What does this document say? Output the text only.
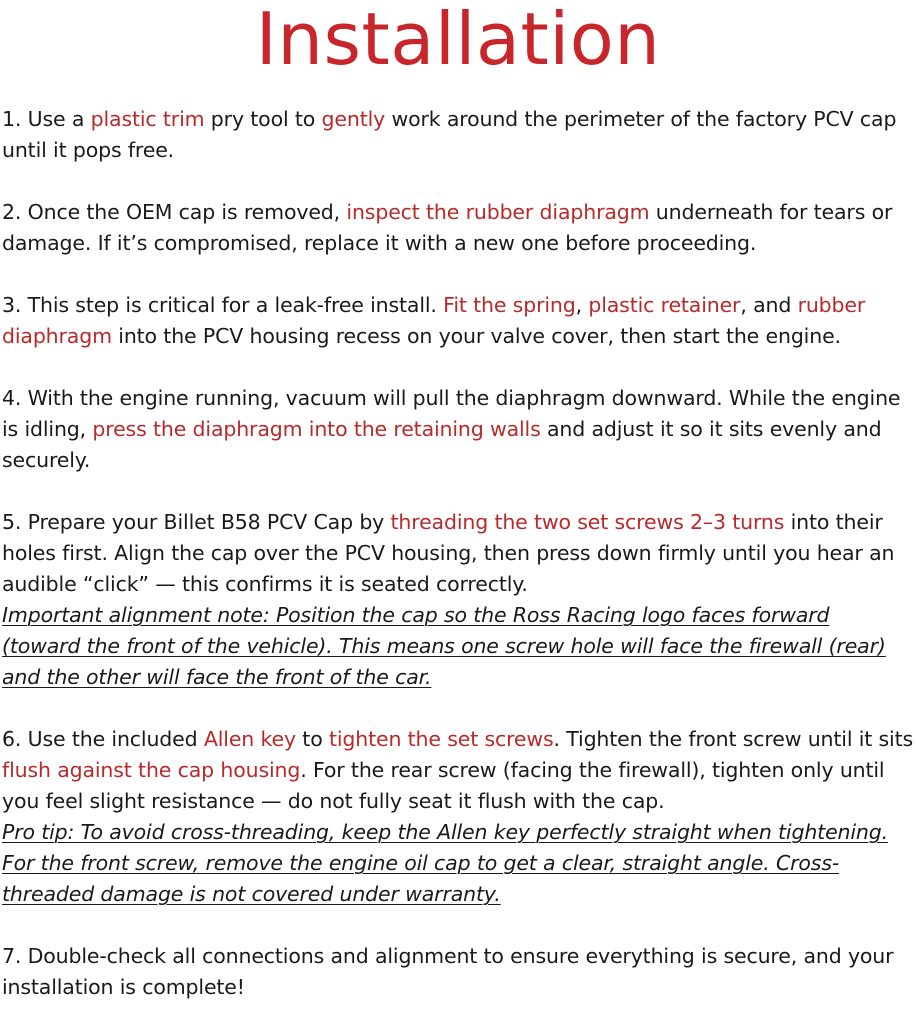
Installation
1. Use a plastic trim pry tool to gently work around the perimeter of the factory PCV cap until it pops free.
2. Once the OEM cap is removed, inspect the rubber diaphragm underneath for tears or damage. If it’s compromised, replace it with a new one before proceeding.
3. This step is critical for a leak-free install. Fit the spring, plastic retainer, and rubber diaphragm into the PCV housing recess on your valve cover, then start the engine.
4. With the engine running, vacuum will pull the diaphragm downward. While the engine is idling, press the diaphragm into the retaining walls and adjust it so it sits evenly and securely.
5. Prepare your Billet B58 PCV Cap by threading the two set screws 2–3 turns into their holes first. Align the cap over the PCV housing, then press down firmly until you hear an audible “click” — this confirms it is seated correctly.
Important alignment note: Position the cap so the Ross Racing logo faces forward (toward the front of the vehicle). This means one screw hole will face the firewall (rear) and the other will face the front of the car.
6. Use the included Allen key to tighten the set screws. Tighten the front screw until it sits flush against the cap housing. For the rear screw (facing the firewall), tighten only until you feel slight resistance — do not fully seat it flush with the cap.
Pro tip: To avoid cross-threading, keep the Allen key perfectly straight when tightening. For the front screw, remove the engine oil cap to get a clear, straight angle. Cross-threaded damage is not covered under warranty.
7. Double-check all connections and alignment to ensure everything is secure, and your installation is complete!
